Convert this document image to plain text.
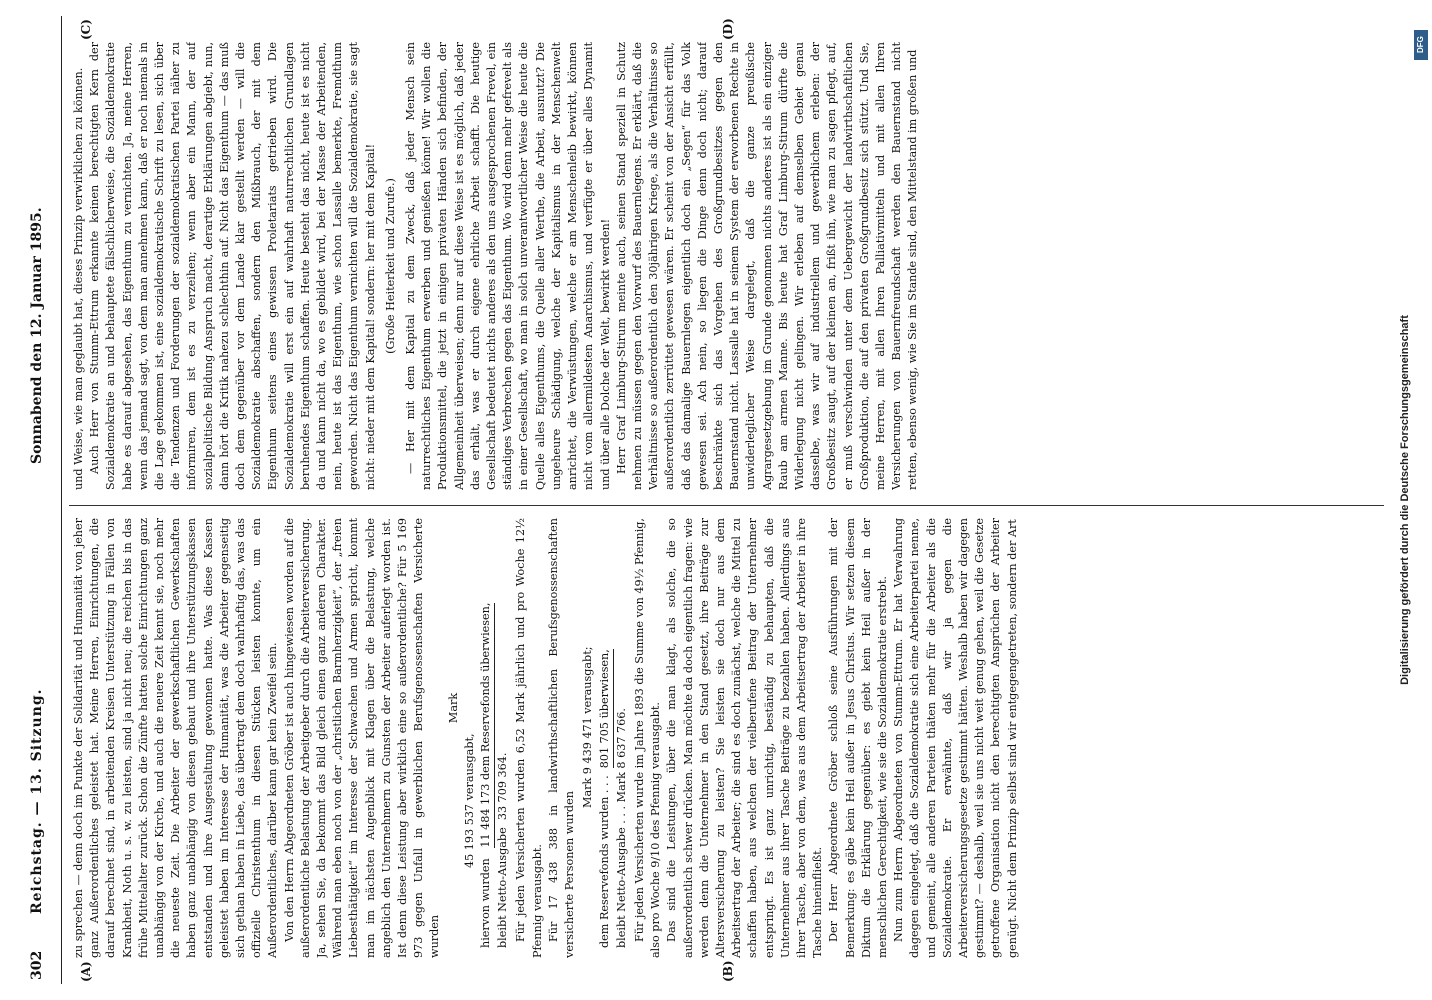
302
Reichstag. — 13. Sitzung.
Sonnabend den 12. Januar 1895.
(A)	(B)
(C)	(D)

zu sprechen — denn doch im Punkte der Solidarität und Humanität von jeher ganz Außerordentliches geleistet hat. Meine Herren, Einrichtungen, die darauf berechnet sind, in arbeitenden Kreisen Unterstützung in Fällen von Krankheit, Noth u. s. w. zu leisten, sind ja nicht neu; die reichen bis in das frühe Mittelalter zurück. Schon die Zünfte hatten solche Einrichtungen ganz unabhängig von der Kirche, und auch die neuere Zeit kennt sie, noch mehr die neueste Zeit. Die Arbeiter der gewerkschaftlichen Gewerkschaften haben ganz unabhängig von diesen gebaut und ihre Unterstützungskassen entstanden und ihre Ausgestaltung gewonnen hatte. Was diese Kassen geleistet haben im Interesse der Humanität, was die Arbeiter gegenseitig sich gethan haben in Liebe, das übertragt dem doch wahrhaftig das, was das offizielle Christenthum in diesen Stücken leisten konnte, um ein Außerordentliches, darüber kann gar kein Zweifel sein. Von den Herrn Abgeordneten Gröber ist auch hingewiesen worden auf die außerordentliche Belastung der Arbeitgeber durch die Arbeiterversicherung. Ja, sehen Sie, da bekommt das Bild gleich einen ganz anderen Charakter. Während man eben noch von der „christlichen Barmherzigkeit“, der „freien Liebesthätigkeit“ im Interesse der Schwachen und Armen spricht, kommt man im nächsten Augenblick mit Klagen über die Belastung, welche angeblich den Unternehmern zu Gunsten der Arbeiter auferlegt worden ist. Ist denn diese Leistung aber wirklich eine so außerordentliche? Für 5 169 973 gegen Unfall in gewerblichen Berufsgenossenschaften Versicherte wurden

Mark
45 193 537 verausgabt,
hiervon wurden   11 484 173 dem Reservefonds überwiesen,
bleibt Netto-Ausgabe  33 709 364. Für jeden Versicherten wurden 6,52 Mark jährlich und pro Woche 12½ Pfennig verausgabt. Für 17 438 388 in landwirthschaftlichen Berufsgenossenschaften versicherte Personen wurden

Mark 9 439 471 verausgabt;
dem Reservefonds wurden . . .  801 705 überwiesen,
bleibt Netto-Ausgabe . . . Mark 8 637 766. Für jeden Versicherten wurde im Jahre 1893 die Summe von 49½ Pfennig, also pro Woche 9/10 des Pfennig verausgabt. Das sind die Leistungen, über die man klagt, als solche, die so außerordentlich schwer drücken. Man möchte da doch eigentlich fragen: wie werden denn die Unternehmer in den Stand gesetzt, ihre Beiträge zur Altersversicherung zu leisten? Sie leisten sie doch nur aus dem Arbeitsertrag der Arbeiter; die sind es doch zunächst, welche die Mittel zu schaffen haben, aus welchen der vielberufene Beitrag der Unternehmer entspringt. Es ist ganz unrichtig, beständig zu behaupten, daß die Unternehmer aus ihrer Tasche Beiträge zu bezahlen haben. Allerdings aus ihrer Tasche, aber von dem, was aus dem Arbeitsertrag der Arbeiter in ihre Tasche hineinfließt. Der Herr Abgeordnete Gröber schloß seine Ausführungen mit der Bemerkung: es gäbe kein Heil außer in Jesus Christus. Wir setzen diesem Diktum die Erklärung gegenüber: es giebt kein Heil außer in der menschlichen Gerechtigkeit, wie sie die Sozialdemokratie erstrebt. Nun zum Herrn Abgeordneten von Stumm-Ettrum. Er hat Verwahrung dagegen eingelegt, daß die Sozialdemokratie sich eine Arbeiterpartei nenne, und gemeint, alle anderen Parteien thäten mehr für die Arbeiter als die Sozialdemokratie. Er erwähnte, daß wir ja gegen die Arbeiterversicherungsgesetze gestimmt hätten. Weshalb haben wir dagegen gestimmt? — deshalb, weil sie uns nicht weit genug gehen, weil die Gesetze getroffene Organisation nicht den berechtigten Ansprüchen der Arbeiter genügt. Nicht dem Prinzip selbst sind wir entgegengetreten, sondern der Art

und Weise, wie man geglaubt hat, dieses Prinzip verwirklichen zu können. Auch Herr von Stumm-Ettrum erkannte keinen berechtigten Kern der Sozialdemokratie an und behauptete fälschlicherweise, die Sozialdemokratie habe es darauf abgesehen, das Eigenthum zu vernichten. Ja, meine Herren, wenn das jemand sagt, von dem man annehmen kann, daß er noch niemals in die Lage gekommen ist, eine sozialdemokratische Schrift zu lesen, sich über die Tendenzen und Forderungen der sozialdemokratischen Partei näher zu informiren, dem ist es zu verzeihen; wenn aber ein Mann, der auf sozialpolitische Bildung Anspruch macht, derartige Erklärungen abgiebt, nun, dann hört die Kritik nahezu schlechthin auf. Nicht das Eigenthum — das muß doch dem gegenüber vor dem Lande klar gestellt werden — will die Sozialdemokratie abschaffen, sondern den Mißbrauch, der mit dem Eigenthum seitens eines gewissen Proletariats getrieben wird. Die Sozialdemokratie will erst ein auf wahrhaft naturrechtlichen Grundlagen beruhendes Eigenthum schaffen. Heute besteht das nicht, heute ist es nicht da und kann nicht da, wo es gebildet wird, bei der Masse der Arbeitenden, nein, heute ist das Eigenthum, wie schon Lassalle bemerkte, Fremdthum geworden. Nicht das Eigenthum vernichten will die Sozialdemokratie, sie sagt nicht: nieder mit dem Kapital! sondern: her mit dem Kapital! (Große Heiterkeit und Zurufe.) — Her mit dem Kapital zu dem Zweck, daß jeder Mensch sein naturrechtliches Eigenthum erwerben und genießen könne! Wir wollen die Produktionsmittel, die jetzt in einigen privaten Händen sich befinden, der Allgemeinheit überweisen; denn nur auf diese Weise ist es möglich, daß jeder das erhält, was er durch eigene ehrliche Arbeit schafft. Die heutige Gesellschaft bedeutet nichts anderes als den uns ausgesprochenen Frevel, ein ständiges Verbrechen gegen das Eigenthum. Wo wird denn mehr gefrevelt als in einer Gesellschaft, wo man in solch unverantwortlicher Weise die heute die Quelle alles Eigenthums, die Quelle aller Werthe, die Arbeit, ausnutzt? Die ungeheure Schädigung, welche der Kapitalismus in der Menschenwelt anrichtet, die Verwüstungen, welche er am Menschenleib bewirkt, können nicht vom allermildesten Anarchismus, und verfügte er über alles Dynamit und über alle Dolche der Welt, bewirkt werden! Herr Graf Limburg-Stirum meinte auch, seinen Stand speziell in Schutz nehmen zu müssen gegen den Vorwurf des Bauernlegens. Er erklärt, daß die Verhältnisse so außerordentlich den 30jährigen Kriege, als die Verhältnisse so außerordentlich zerrüttet gewesen wären. Er scheint von der Ansicht erfüllt, daß das damalige Bauernlegen eigentlich doch ein „Segen“ für das Volk gewesen sei. Ach nein, so liegen die Dinge denn doch nicht; darauf beschränkte sich das Vorgehen des Großgrundbesitzes gegen den Bauernstand nicht. Lassalle hat in seinem System der erworbenen Rechte in unwiderleglicher Weise dargelegt, daß die ganze preußische Agrargesetzgebung im Grunde genommen nichts anderes ist als ein einziger Raub am armen Manne. Bis heute hat Graf Limburg-Stirum dürfte die Widerlegung nicht gelingen. Wir erleben auf demselben Gebiet genau dasselbe, was wir auf industriellem und gewerblichem erleben: der Großbesitz saugt, auf der kleinen an, frißt ihn, wie man zu sagen pflegt, auf, er muß verschwinden unter dem Uebergewicht der landwirthschaftlichen Großproduktion, die auf den privaten Großgrundbesitz sich stützt. Und Sie, meine Herren, mit allen Ihren Palliativmitteln und mit allen Ihren Versicherungen von Bauernfreundschaft werden den Bauernstand nicht retten, ebenso wenig, wie Sie im Stande sind, den Mittelstand im großen und

Digitalisierung gefördert durch die Deutsche Forschungsgemeinschaft
DFG
